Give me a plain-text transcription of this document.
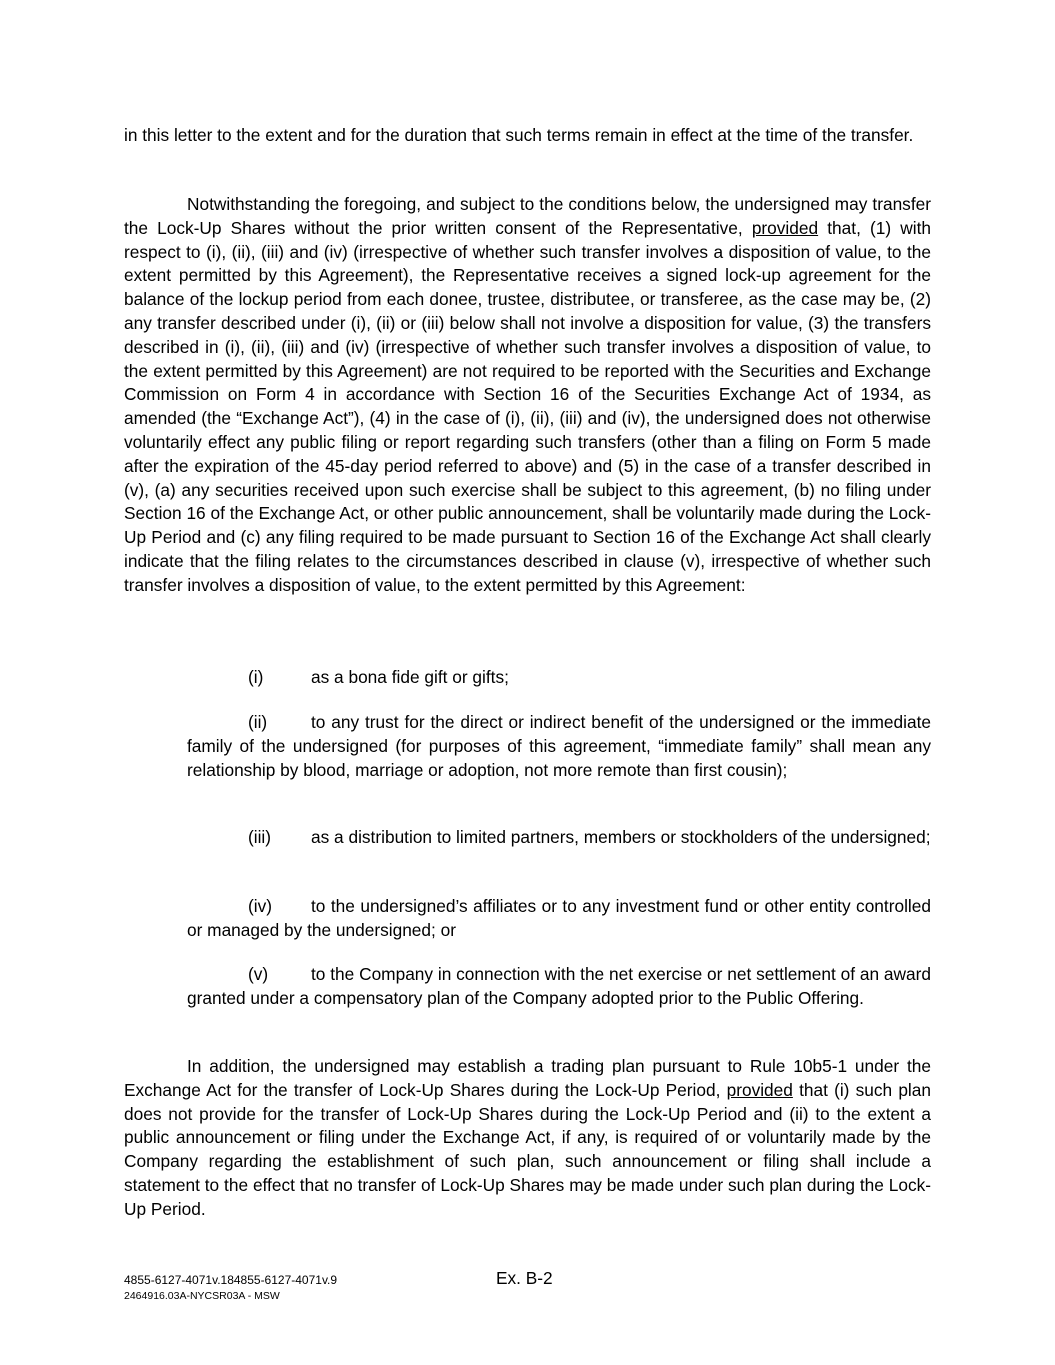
in this letter to the extent and for the duration that such terms remain in effect at the time of the transfer.

Notwithstanding the foregoing, and subject to the conditions below, the undersigned may transfer the Lock-Up Shares without the prior written consent of the Representative, provided that, (1) with respect to (i), (ii), (iii) and (iv) (irrespective of whether such transfer involves a disposition of value, to the extent permitted by this Agreement), the Representative receives a signed lock-up agreement for the balance of the lockup period from each donee, trustee, distributee, or transferee, as the case may be, (2) any transfer described under (i), (ii) or (iii) below shall not involve a disposition for value, (3) the transfers described in (i), (ii), (iii) and (iv) (irrespective of whether such transfer involves a disposition of value, to the extent permitted by this Agreement) are not required to be reported with the Securities and Exchange Commission on Form 4 in accordance with Section 16 of the Securities Exchange Act of 1934, as amended (the “Exchange Act”), (4) in the case of (i), (ii), (iii) and (iv), the undersigned does not otherwise voluntarily effect any public filing or report regarding such transfers (other than a filing on Form 5 made after the expiration of the 45-day period referred to above) and (5) in the case of a transfer described in (v), (a) any securities received upon such exercise shall be subject to this agreement, (b) no filing under Section 16 of the Exchange Act, or other public announcement, shall be voluntarily made during the Lock-Up Period and (c) any filing required to be made pursuant to Section 16 of the Exchange Act shall clearly indicate that the filing relates to the circumstances described in clause (v), irrespective of whether such transfer involves a disposition of value, to the extent permitted by this Agreement:

(i)	as a bona fide gift or gifts;

(ii)	to any trust for the direct or indirect benefit of the undersigned or the immediate family of the undersigned (for purposes of this agreement, “immediate family” shall mean any relationship by blood, marriage or adoption, not more remote than first cousin);

(iii) as a distribution to limited partners, members or stockholders of the undersigned;

(iv) to the undersigned’s affiliates or to any investment fund or other entity controlled or managed by the undersigned; or

(v) to the Company in connection with the net exercise or net settlement of an award granted under a compensatory plan of the Company adopted prior to the Public Offering.

In addition, the undersigned may establish a trading plan pursuant to Rule 10b5-1 under the Exchange Act for the transfer of Lock-Up Shares during the Lock-Up Period, provided that (i) such plan does not provide for the transfer of Lock-Up Shares during the Lock-Up Period and (ii) to the extent a public announcement or filing under the Exchange Act, if any, is required of or voluntarily made by the Company regarding the establishment of such plan, such announcement or filing shall include a statement to the effect that no transfer of Lock-Up Shares may be made under such plan during the Lock-Up Period.

4855-6127-4071v.184855-6127-4071v.9
2464916.03A-NYCSR03A - MSW
Ex. B-2
